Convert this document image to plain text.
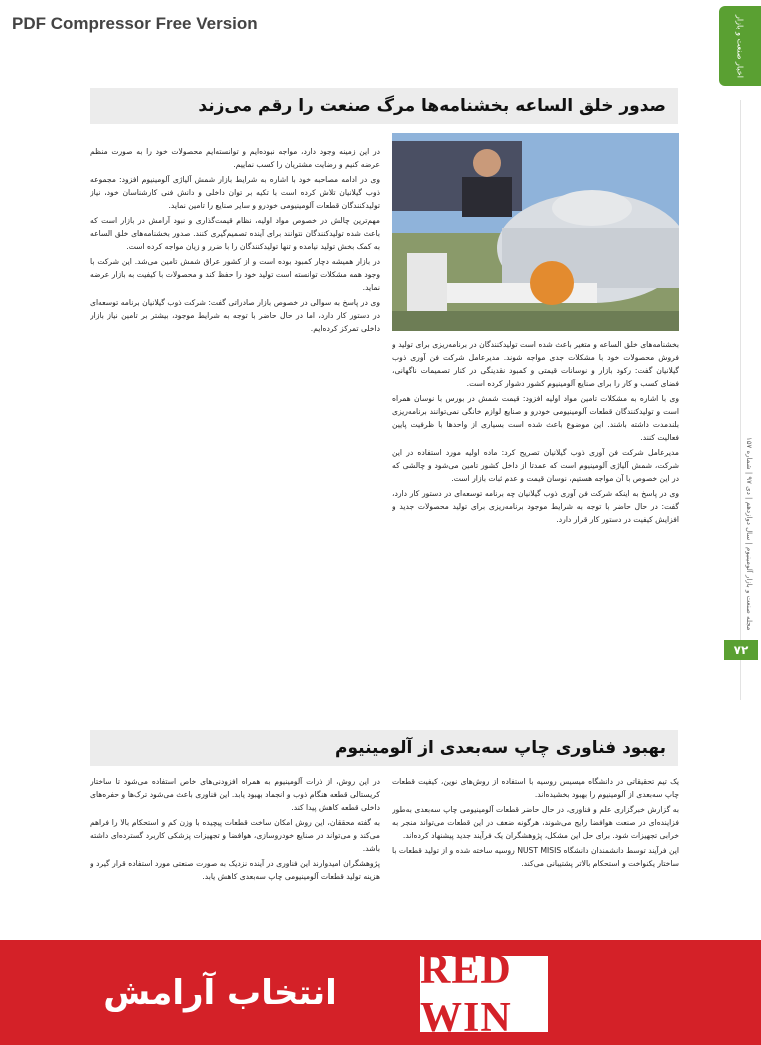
PDF Compressor Free Version	اخبار صنعت و بازار
مجله صنعت و بازار آلومینیوم | سال دوازدهم | دی ۹۷ | شماره ۱۵۷
۷۲
صدور خلق الساعه بخشنامه‌ها مرگ صنعت را رقم می‌زند

بخشنامه‌های خلق الساعه و متغیر باعث شده است تولیدکنندگان در برنامه‌ریزی برای تولید و فروش محصولات خود با مشکلات جدی مواجه شوند. مدیرعامل شرکت فن آوری ذوب گیلانیان گفت: رکود بازار و نوسانات قیمتی و کمبود نقدینگی در کنار تصمیمات ناگهانی، فضای کسب و کار را برای صنایع آلومینیوم کشور دشوار کرده است.

وی با اشاره به مشکلات تامین مواد اولیه افزود: قیمت شمش در بورس با نوسان همراه است و تولیدکنندگان قطعات آلومینیومی خودرو و صنایع لوازم خانگی نمی‌توانند برنامه‌ریزی بلندمدت داشته باشند. این موضوع باعث شده است بسیاری از واحدها با ظرفیت پایین فعالیت کنند.

مدیرعامل شرکت فن آوری ذوب گیلانیان تصریح کرد: ماده اولیه مورد استفاده در این شرکت، شمش آلیاژی آلومینیوم است که عمدتا از داخل کشور تامین می‌شود و چالشی که در این خصوص با آن مواجه هستیم، نوسان قیمت و عدم ثبات بازار است.

وی در پاسخ به اینکه شرکت فن آوری ذوب گیلانیان چه برنامه توسعه‌ای در دستور کار دارد، گفت: در حال حاضر با توجه به شرایط موجود برنامه‌ریزی برای تولید محصولات جدید و افزایش کیفیت در دستور کار قرار دارد.

در این زمینه وجود دارد، مواجه نبوده‌ایم و توانسته‌ایم محصولات خود را به صورت منظم عرضه کنیم و رضایت مشتریان را کسب نماییم.

وی در ادامه مصاحبه خود با اشاره به شرایط بازار شمش آلیاژی آلومینیوم افزود: مجموعه ذوب گیلانیان تلاش کرده است با تکیه بر توان داخلی و دانش فنی کارشناسان خود، نیاز تولیدکنندگان قطعات آلومینیومی خودرو و سایر صنایع را تامین نماید.

مهم‌ترین چالش در خصوص مواد اولیه، نظام قیمت‌گذاری و نبود آرامش در بازار است که باعث شده تولیدکنندگان نتوانند برای آینده تصمیم‌گیری کنند. صدور بخشنامه‌های خلق الساعه به کمک بخش تولید نیامده و تنها تولیدکنندگان را با ضرر و زیان مواجه کرده است.

در بازار همیشه دچار کمبود بوده است و از کشور عراق شمش تامین می‌شد. این شرکت با وجود همه مشکلات توانسته است تولید خود را حفظ کند و محصولات با کیفیت به بازار عرضه نماید.

وی در پاسخ به سوالی در خصوص بازار صادراتی گفت: شرکت ذوب گیلانیان برنامه توسعه‌ای در دستور کار دارد، اما در حال حاضر با توجه به شرایط موجود، بیشتر بر تامین نیاز بازار داخلی تمرکز کرده‌ایم.

بهبود فناوری چاپ سه‌بعدی از آلومینیوم

یک تیم تحقیقاتی در دانشگاه میسیس روسیه با استفاده از روش‌های نوین، کیفیت قطعات چاپ سه‌بعدی از آلومینیوم را بهبود بخشیده‌اند.

به گزارش خبرگزاری علم و فناوری، در حال حاضر قطعات آلومینیومی چاپ سه‌بعدی به‌طور فزاینده‌ای در صنعت هوافضا رایج می‌شوند، هرگونه ضعف در این قطعات می‌تواند منجر به خرابی تجهیزات شود. برای حل این مشکل، پژوهشگران یک فرآیند جدید پیشنهاد کرده‌اند.

این فرآیند توسط دانشمندان دانشگاه NUST MISIS روسیه ساخته شده و از تولید قطعات با ساختار یکنواخت و استحکام بالاتر پشتیبانی می‌کند.

در این روش، از ذرات آلومینیوم به همراه افزودنی‌های خاص استفاده می‌شود تا ساختار کریستالی قطعه هنگام ذوب و انجماد بهبود یابد. این فناوری باعث می‌شود ترک‌ها و حفره‌های داخلی قطعه کاهش پیدا کند.

به گفته محققان، این روش امکان ساخت قطعات پیچیده با وزن کم و استحکام بالا را فراهم می‌کند و می‌تواند در صنایع خودروسازی، هوافضا و تجهیزات پزشکی کاربرد گسترده‌ای داشته باشد.

پژوهشگران امیدوارند این فناوری در آینده نزدیک به صورت صنعتی مورد استفاده قرار گیرد و هزینه تولید قطعات آلومینیومی چاپ سه‌بعدی کاهش یابد.

RED WIN
انتخاب آرامش
